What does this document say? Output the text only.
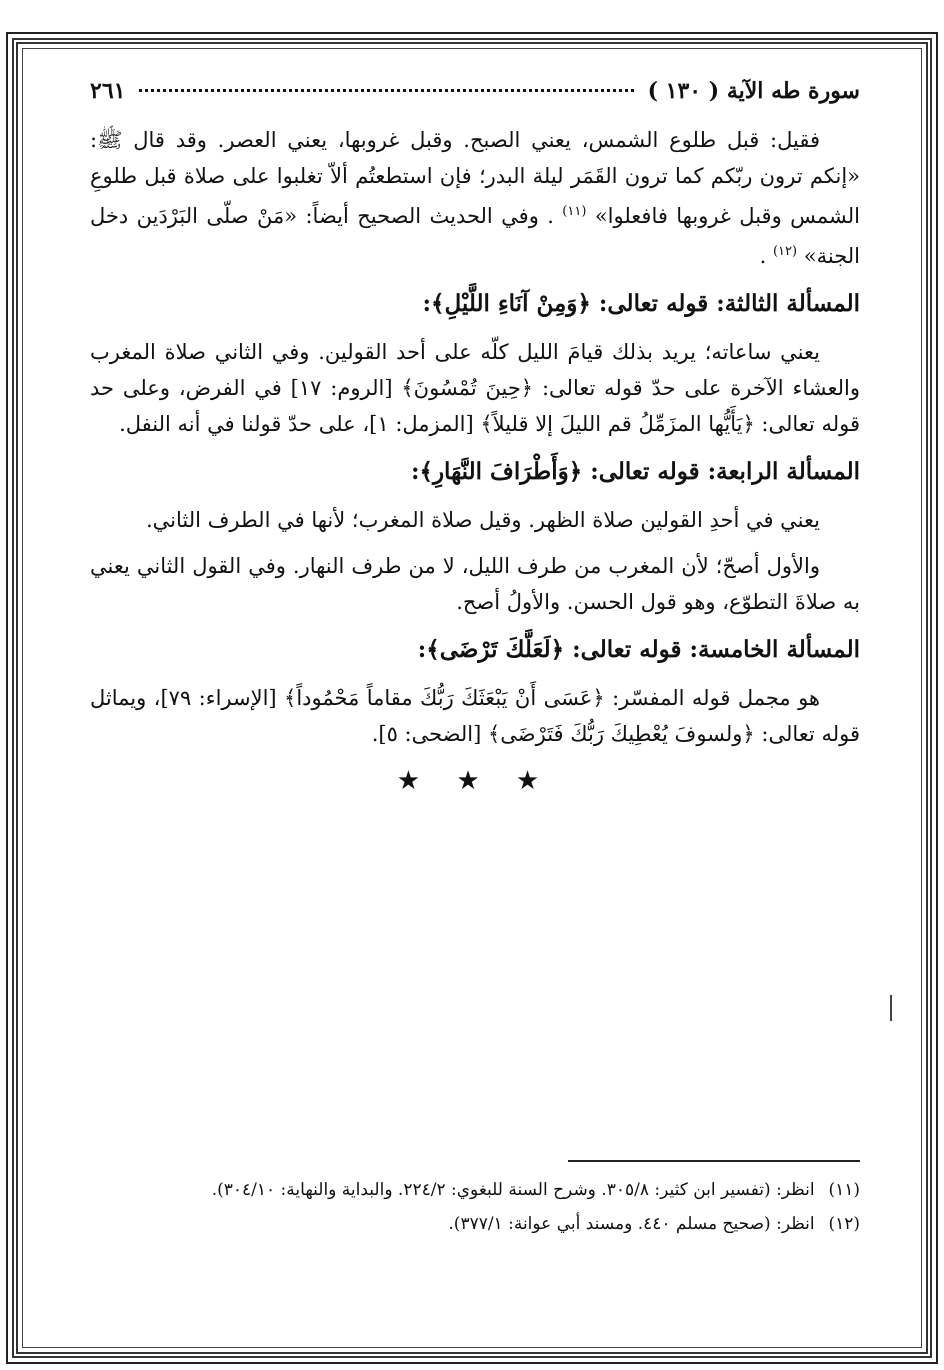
سورة طه الآية ( ١٣٠ )
٢٦١

فقيل: قبل طلوع الشمس، يعني الصبح. وقبل غروبها، يعني العصر. وقد قال ﷺ: «إنكم ترون ربّكم كما ترون القَمَر ليلة البدر؛ فإن استطعتُم ألاّ تغلبوا على صلاة قبل طلوعِ الشمس وقبل غروبها فافعلوا» $^{(١١)}$ . وفي الحديث الصحيح أيضاً: «مَنْ صلّى البَرْدَين دخل الجنة» $^{(١٢)}$ .

المسألة الثالثة: قوله تعالى: ﴿وَمِنْ آنَاءِ اللَّيْلِ﴾:

يعني ساعاته؛ يريد بذلك قيامَ الليل كلّه على أحد القولين. وفي الثاني صلاة المغرب والعشاء الآخرة على حدّ قوله تعالى: ﴿حِينَ تُمْسُونَ﴾ [الروم: ١٧] في الفرض، وعلى حد قوله تعالى: ﴿يَأَيُّها المزَمِّلُ قم الليلَ إلا قليلاً﴾ [المزمل: ١]، على حدّ قولنا في أنه النفل.

المسألة الرابعة: قوله تعالى: ﴿وَأَطْرَافَ النَّهَارِ﴾:

يعني في أحدِ القولين صلاة الظهر. وقيل صلاة المغرب؛ لأنها في الطرف الثاني.

والأول أصحّ؛ لأن المغرب من طرف الليل، لا من طرف النهار. وفي القول الثاني يعني به صلاةَ التطوّع، وهو قول الحسن. والأولُ أصح.

المسألة الخامسة: قوله تعالى: ﴿لَعَلَّكَ تَرْضَى﴾:

هو مجمل قوله المفسّر: ﴿عَسَى أَنْ يَبْعَثَكَ رَبُّكَ مقاماً مَحْمُوداً﴾ [الإسراء: ٧٩]، ويماثل قوله تعالى: ﴿ولسوفَ يُعْطِيكَ رَبُّكَ فَتَرْضَى﴾ [الضحى: ٥].

★ ★ ★

(١١) انظر: (تفسير ابن كثير: ٣٠٥/٨. وشرح السنة للبغوي: ٢٢٤/٢. والبداية والنهاية: ٣٠٤/١٠).

(١٢) انظر: (صحيح مسلم ٤٤٠. ومسند أبي عوانة: ٣٧٧/١).
